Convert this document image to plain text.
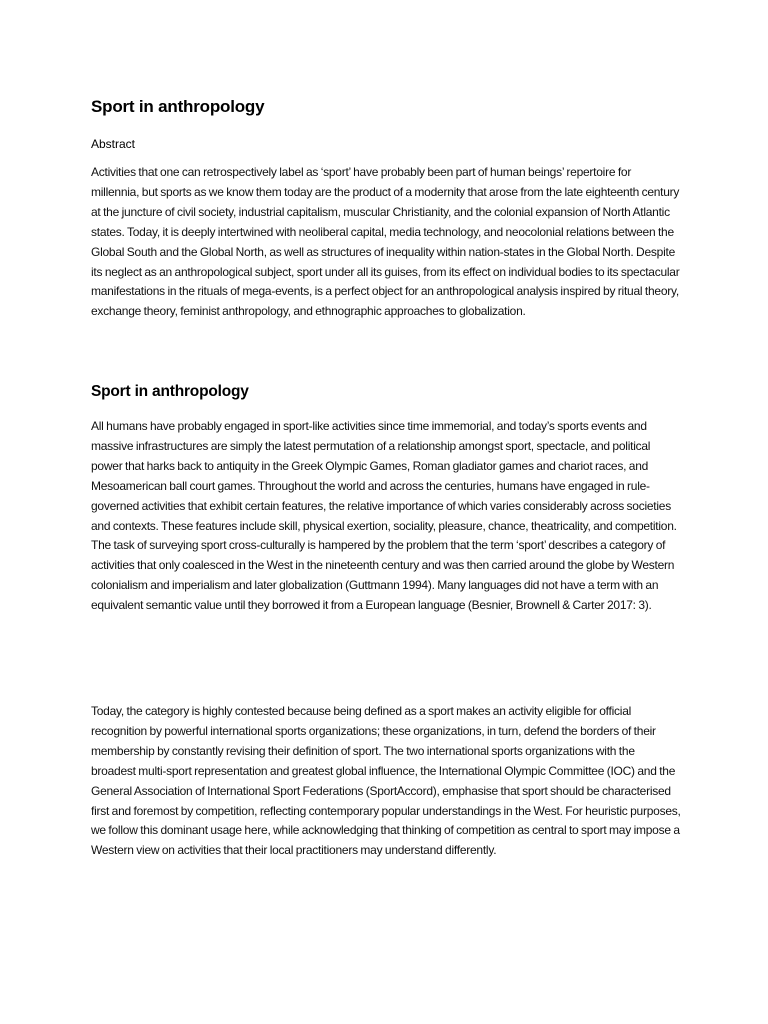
Sport in anthropology

Abstract

Activities that one can retrospectively label as ‘sport’ have probably been part of human beings’ repertoire for millennia, but sports as we know them today are the product of a modernity that arose from the late eighteenth century at the juncture of civil society, industrial capitalism, muscular Christianity, and the colonial expansion of North Atlantic states. Today, it is deeply intertwined with neoliberal capital, media technology, and neocolonial relations between the Global South and the Global North, as well as structures of inequality within nation-states in the Global North. Despite its neglect as an anthropological subject, sport under all its guises, from its effect on individual bodies to its spectacular manifestations in the rituals of mega-events, is a perfect object for an anthropological analysis inspired by ritual theory, exchange theory, feminist anthropology, and ethnographic approaches to globalization.

Sport in anthropology

All humans have probably engaged in sport-like activities since time immemorial, and today’s sports events and massive infrastructures are simply the latest permutation of a relationship amongst sport, spectacle, and political power that harks back to antiquity in the Greek Olympic Games, Roman gladiator games and chariot races, and Mesoamerican ball court games. Throughout the world and across the centuries, humans have engaged in rule-governed activities that exhibit certain features, the relative importance of which varies considerably across societies and contexts. These features include skill, physical exertion, sociality, pleasure, chance, theatricality, and competition. The task of surveying sport cross-culturally is hampered by the problem that the term ‘sport’ describes a category of activities that only coalesced in the West in the nineteenth century and was then carried around the globe by Western colonialism and imperialism and later globalization (Guttmann 1994). Many languages did not have a term with an equivalent semantic value until they borrowed it from a European language (Besnier, Brownell & Carter 2017: 3).

Today, the category is highly contested because being defined as a sport makes an activity eligible for official recognition by powerful international sports organizations; these organizations, in turn, defend the borders of their membership by constantly revising their definition of sport. The two international sports organizations with the broadest multi-sport representation and greatest global influence, the International Olympic Committee (IOC) and the General Association of International Sport Federations (SportAccord), emphasise that sport should be characterised first and foremost by competition, reflecting contemporary popular understandings in the West. For heuristic purposes, we follow this dominant usage here, while acknowledging that thinking of competition as central to sport may impose a Western view on activities that their local practitioners may understand differently.
